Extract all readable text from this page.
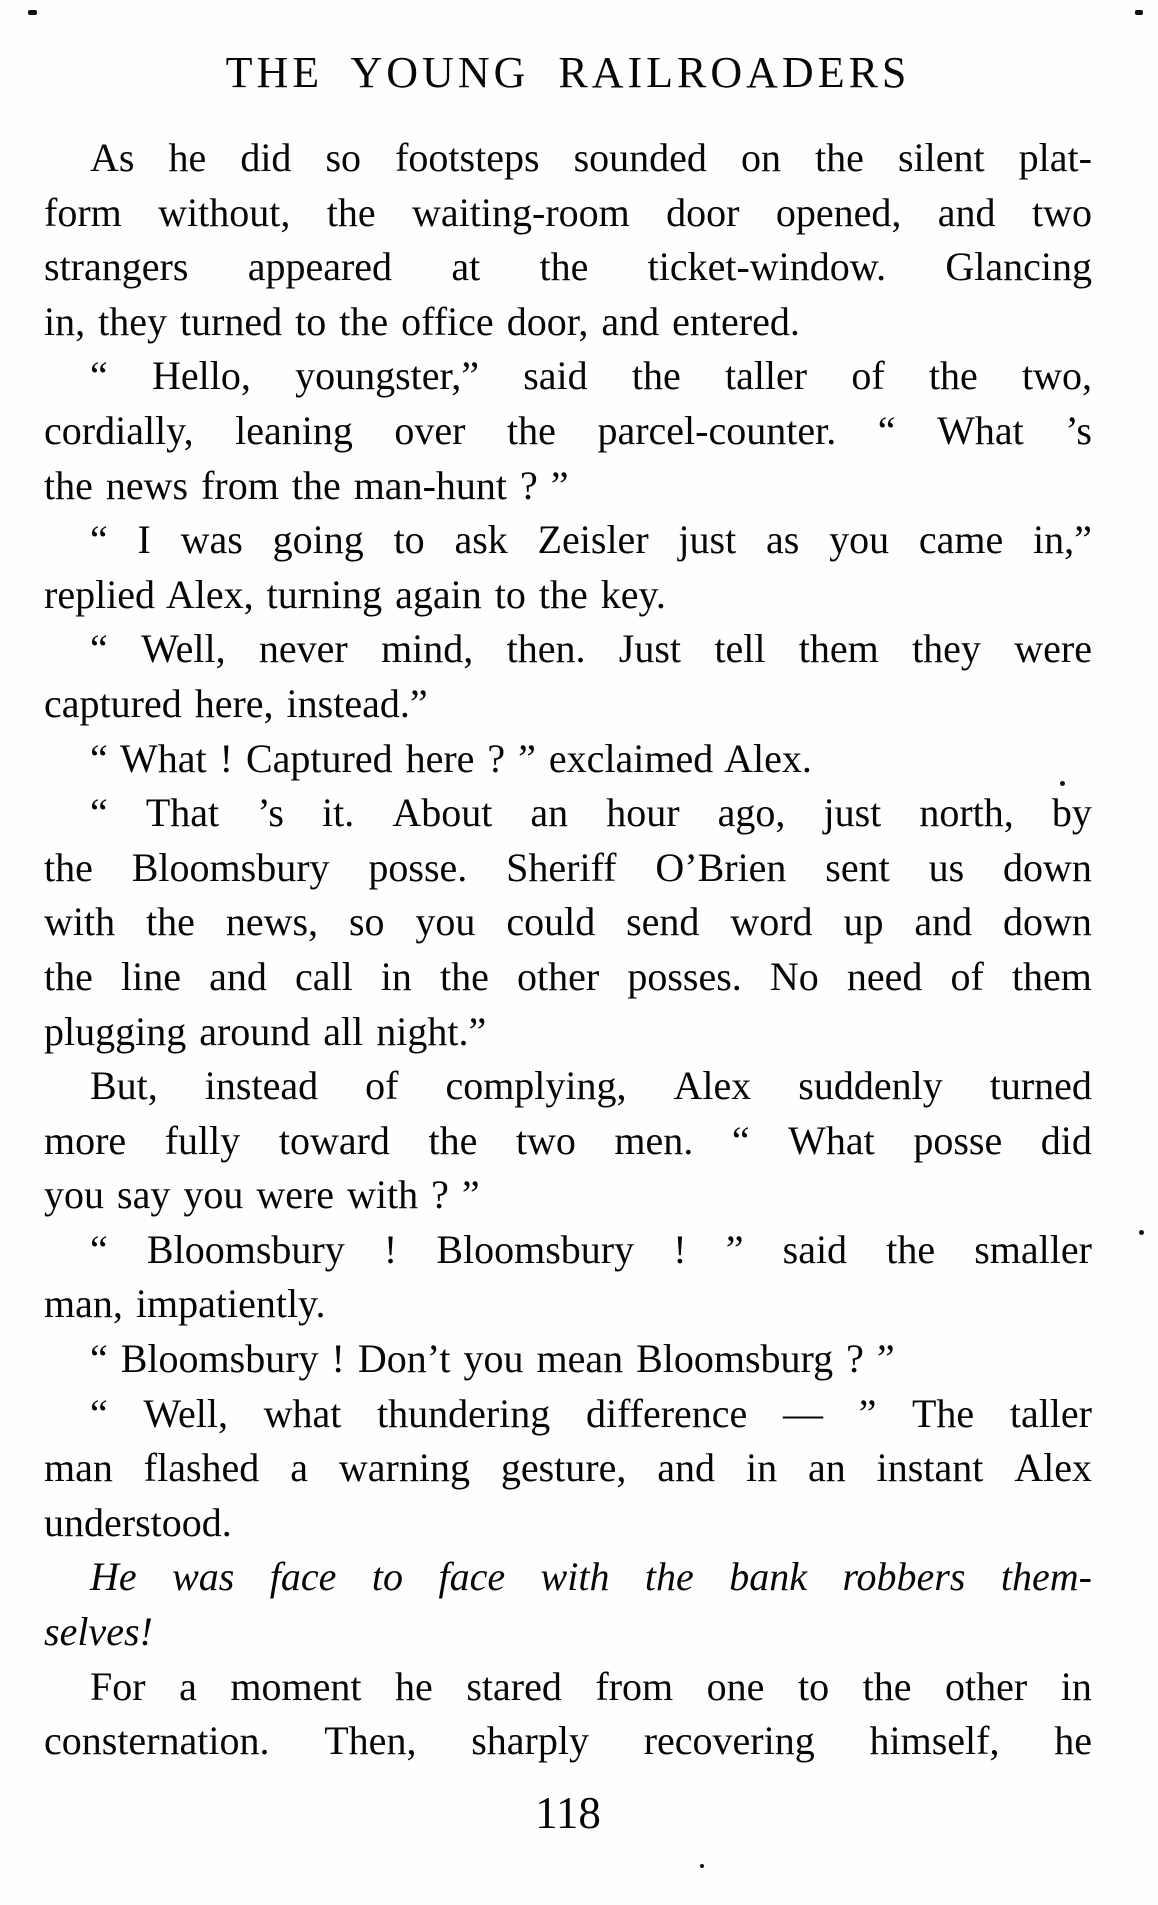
THE YOUNG RAILROADERS
As he did so footsteps sounded on the silent plat-
form without, the waiting-room door opened, and two
strangers appeared at the ticket-window. Glancing
in, they turned to the office door, and entered.
“ Hello, youngster,” said the taller of the two,
cordially, leaning over the parcel-counter. “ What ’s
the news from the man-hunt ? ”
“ I was going to ask Zeisler just as you came in,”
replied Alex, turning again to the key.
“ Well, never mind, then. Just tell them they were
captured here, instead.”
“ What ! Captured here ? ” exclaimed Alex.
“ That ’s it. About an hour ago, just north, by
the Bloomsbury posse. Sheriff O’Brien sent us down
with the news, so you could send word up and down
the line and call in the other posses. No need of them
plugging around all night.”
But, instead of complying, Alex suddenly turned
more fully toward the two men. “ What posse did
you say you were with ? ”
“ Bloomsbury ! Bloomsbury ! ” said the smaller
man, impatiently.
“ Bloomsbury ! Don’t you mean Bloomsburg ? ”
“ Well, what thundering difference — ” The taller
man flashed a warning gesture, and in an instant Alex
understood.
He was face to face with the bank robbers them-
selves!
For a moment he stared from one to the other in
consternation. Then, sharply recovering himself, he
118
